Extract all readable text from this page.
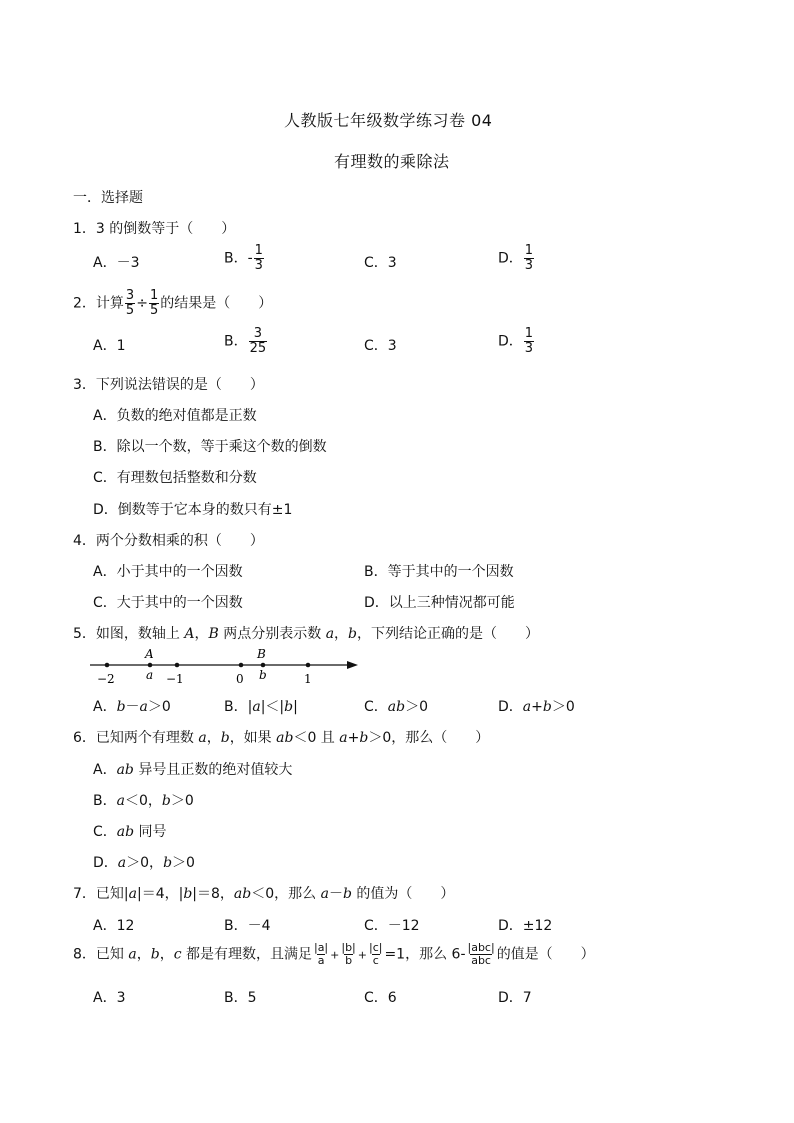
人教版七年级数学练习卷 04
有理数的乘除法
一．选择题
1．3 的倒数等于（　　）
A．－3	B．- $\frac{1}{3}$	C．3	D． $\frac{1}{3}$
2．计算 $\frac{3}{5} \div \frac{1}{5}$ 的结果是（　　）
A．1	B． $\frac{3}{25}$	C．3	D． $\frac{1}{3}$
3．下列说法错误的是（　　）
A．负数的绝对值都是正数
B．除以一个数，等于乘这个数的倒数
C．有理数包括整数和分数
D．倒数等于它本身的数只有±1
4．两个分数相乘的积（　　）
A．小于其中的一个因数	B．等于其中的一个因数
C．大于其中的一个因数	D．以上三种情况都可能
5．如图，数轴上 A，B 两点分别表示数 a，b，下列结论正确的是（　　）
A
a
B
b
−2	−1	0	1
A．b－a＞0	B．|a|＜|b|	C．ab＞0	D．a+b＞0
6．已知两个有理数 a，b，如果 ab＜0 且 a+b＞0，那么（　　）
A．ab 异号且正数的绝对值较大
B．a＜0，b＞0
C．ab 同号
D．a＞0，b＞0
7．已知|a|＝4，|b|＝8，ab＜0，那么 a－b 的值为（　　）
A．12	B．－4	C．－12	D．±12
8．已知 a，b，c 都是有理数，且满足 $\frac{|a|}{a} + \frac{|b|}{b} + \frac{|c|}{c} =1$，那么 $6- \frac{\text{|abc|}}{\text{abc}}$ 的值是（　　）
A．3	B．5	C．6	D．7
